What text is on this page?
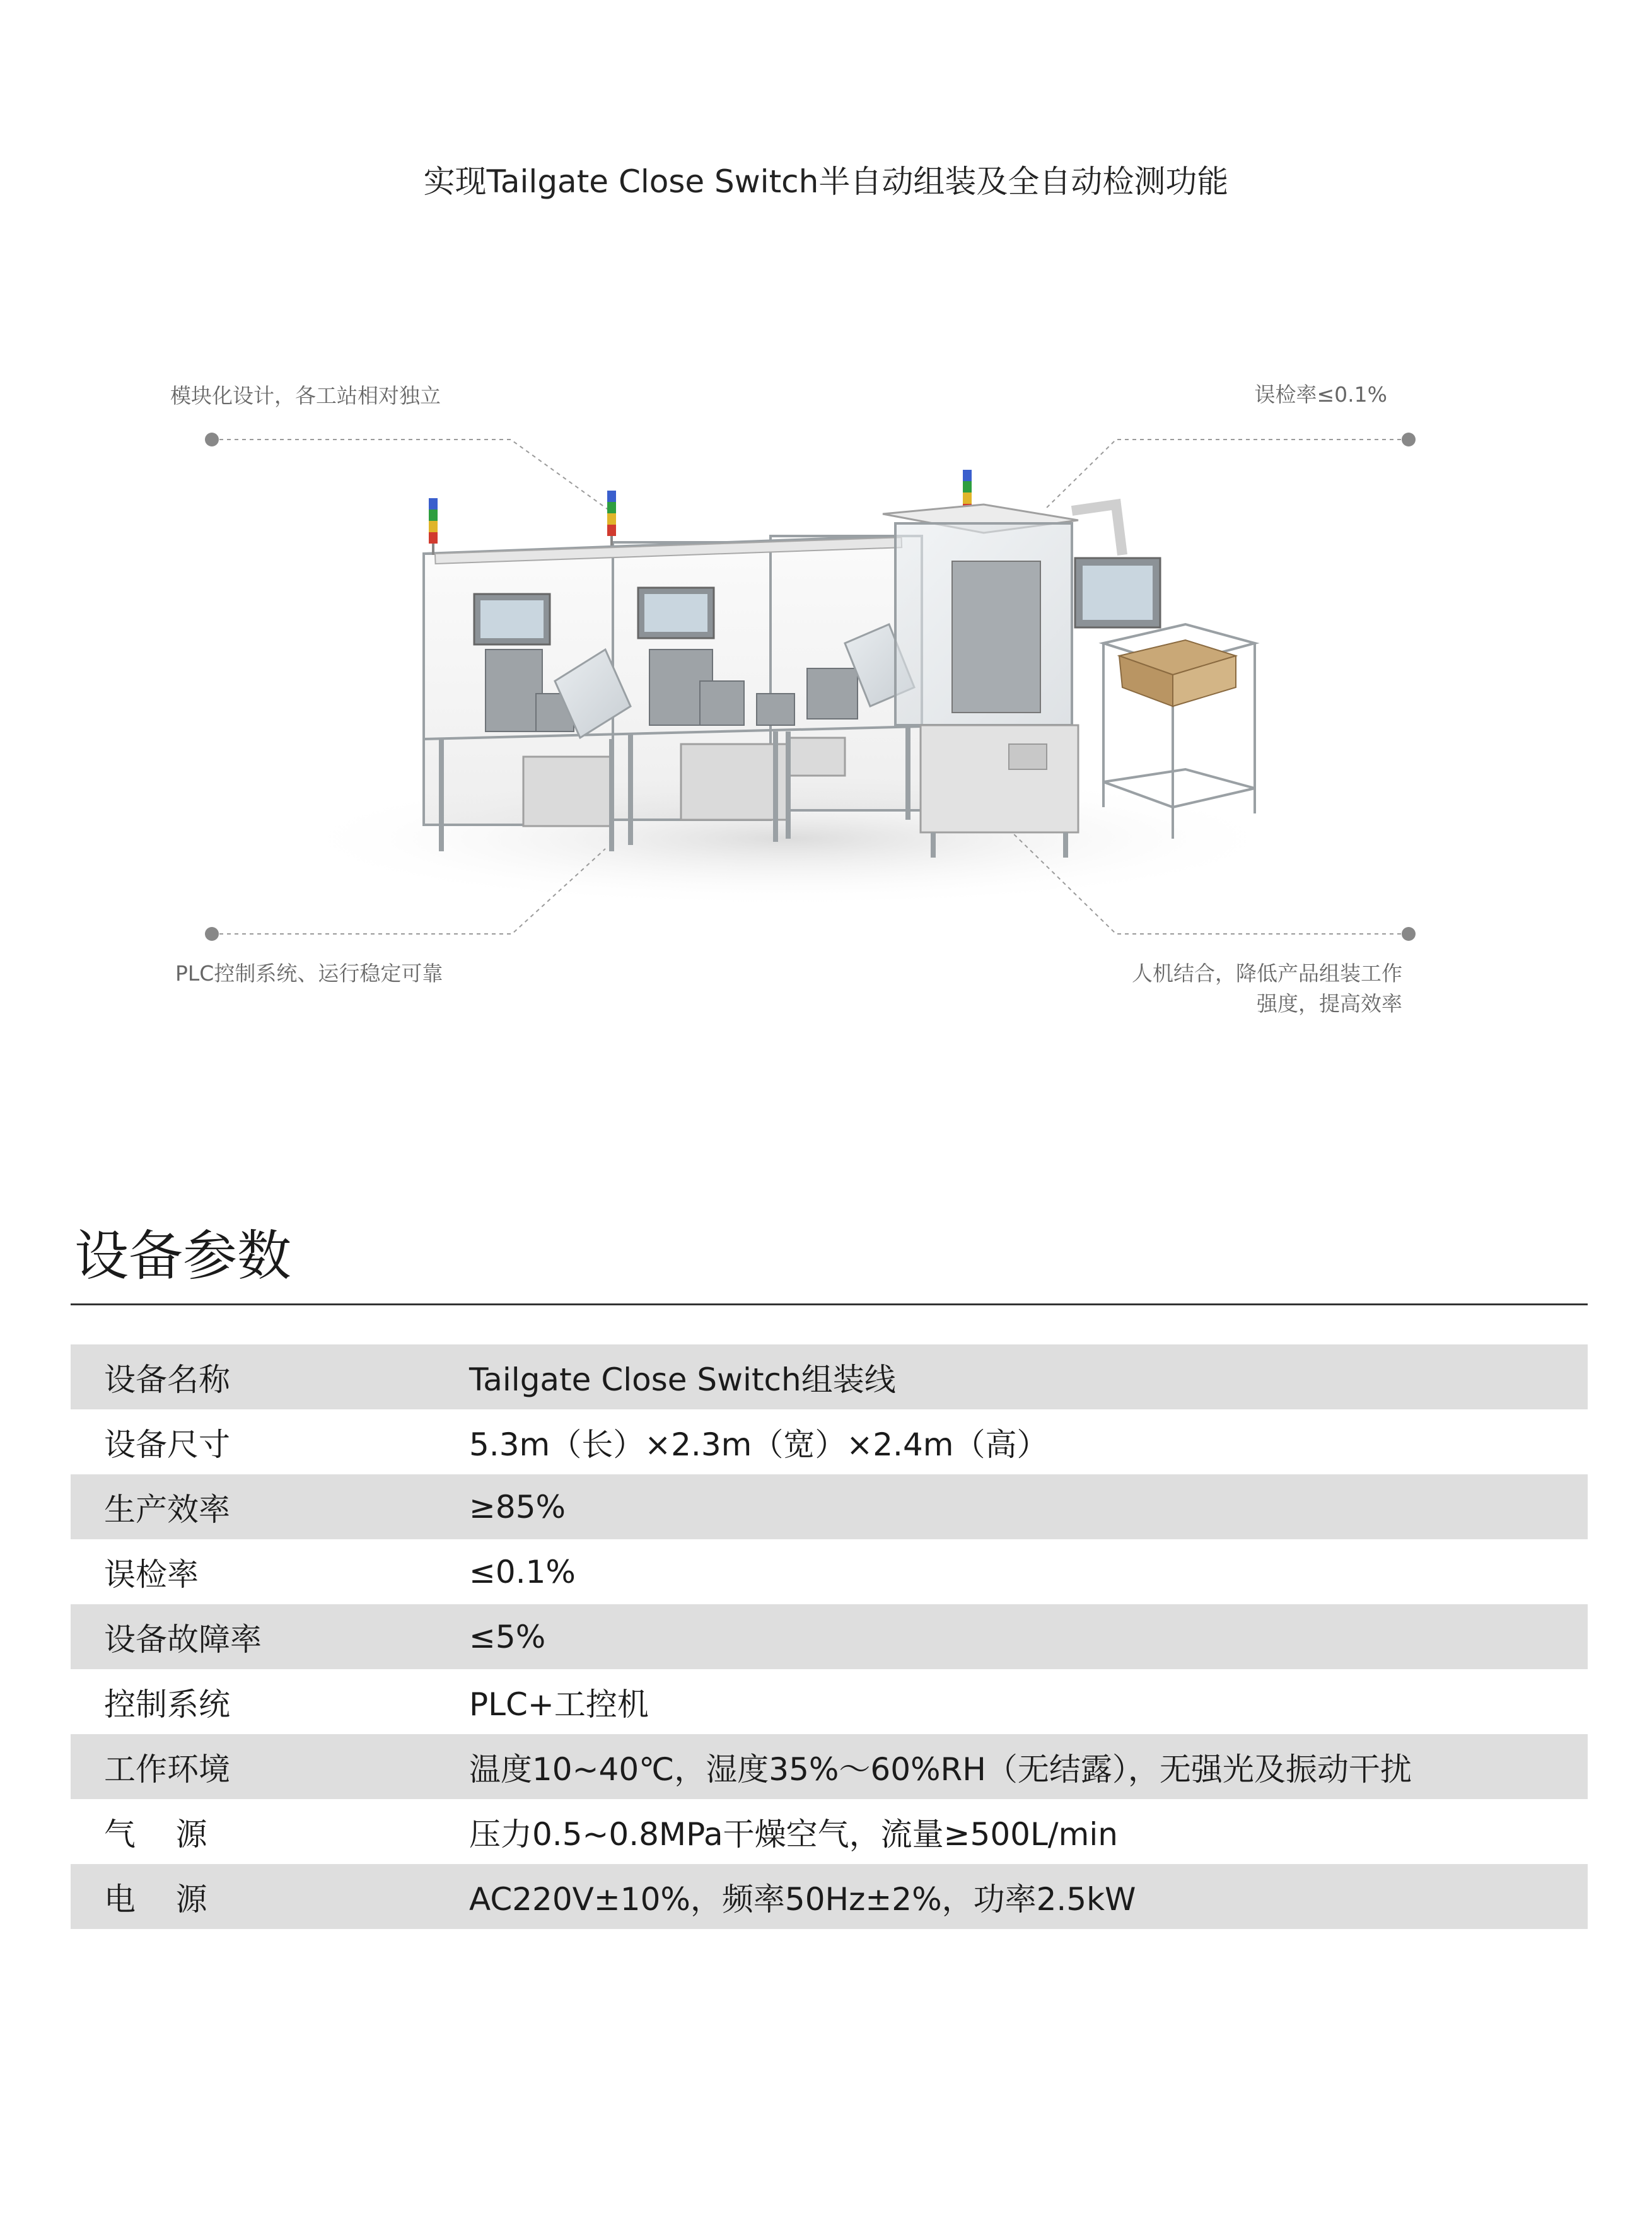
实现Tailgate Close Switch半自动组装及全自动检测功能
模块化设计，各工站相对独立	误检率≤0.1%
PLC控制系统、运行稳定可靠	人机结合，降低产品组装工作
强度，提高效率
设备参数
设备名称	Tailgate Close Switch组装线
设备尺寸	5.3m（长）×2.3m（宽）×2.4m（高）
生产效率	≥85%
误检率	≤0.1%
设备故障率	≤5%
控制系统	PLC+工控机
工作环境	温度10~40℃，湿度35%～60%RH（无结露），无强光及振动干扰
气    源	压力0.5~0.8MPa干燥空气，流量≥500L/min
电    源	AC220V±10%，频率50Hz±2%，功率2.5kW
